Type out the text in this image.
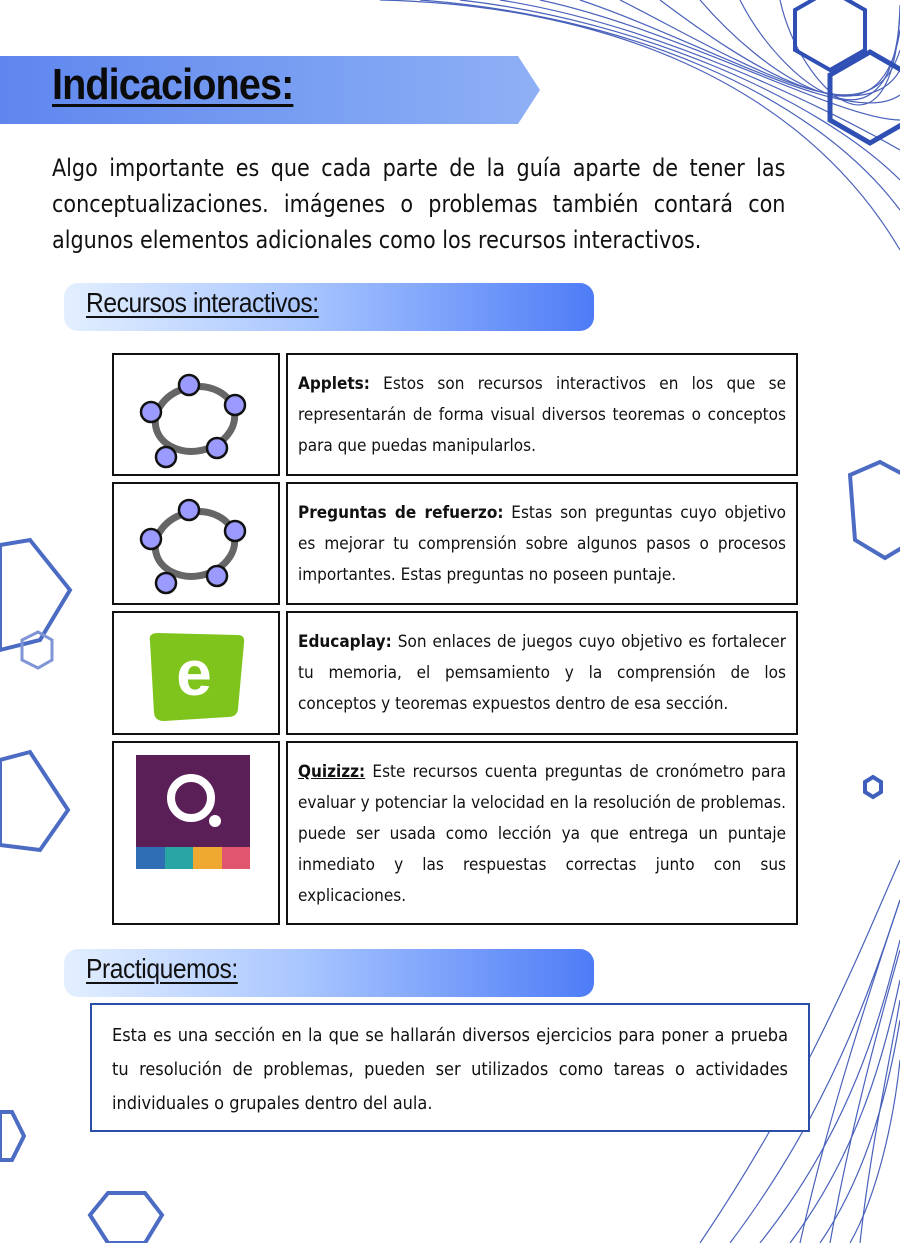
Indicaciones:
Algo importante es que cada parte de la guía aparte de tener las conceptualizaciones. imágenes o problemas también contará con algunos elementos adicionales como los recursos interactivos.
Recursos interactivos:
Applets: Estos son recursos interactivos en los que se representarán de forma visual diversos teoremas o conceptos para que puedas manipularlos.
Preguntas de refuerzo: Estas son preguntas cuyo objetivo es mejorar tu comprensión sobre algunos pasos o procesos importantes. Estas preguntas no poseen puntaje.
e	Educaplay: Son enlaces de juegos cuyo objetivo es fortalecer tu memoria, el pemsamiento y la comprensión de los conceptos y teoremas expuestos dentro de esa sección.
Quizizz: Este recursos cuenta preguntas de cronómetro para evaluar y potenciar la velocidad en la resolución de problemas. puede ser usada como lección ya que entrega un puntaje inmediato y las respuestas correctas junto con sus explicaciones.
Practiquemos:
Esta es una sección en la que se hallarán diversos ejercicios para poner a prueba tu resolución de problemas, pueden ser utilizados como tareas o actividades individuales o grupales dentro del aula.
